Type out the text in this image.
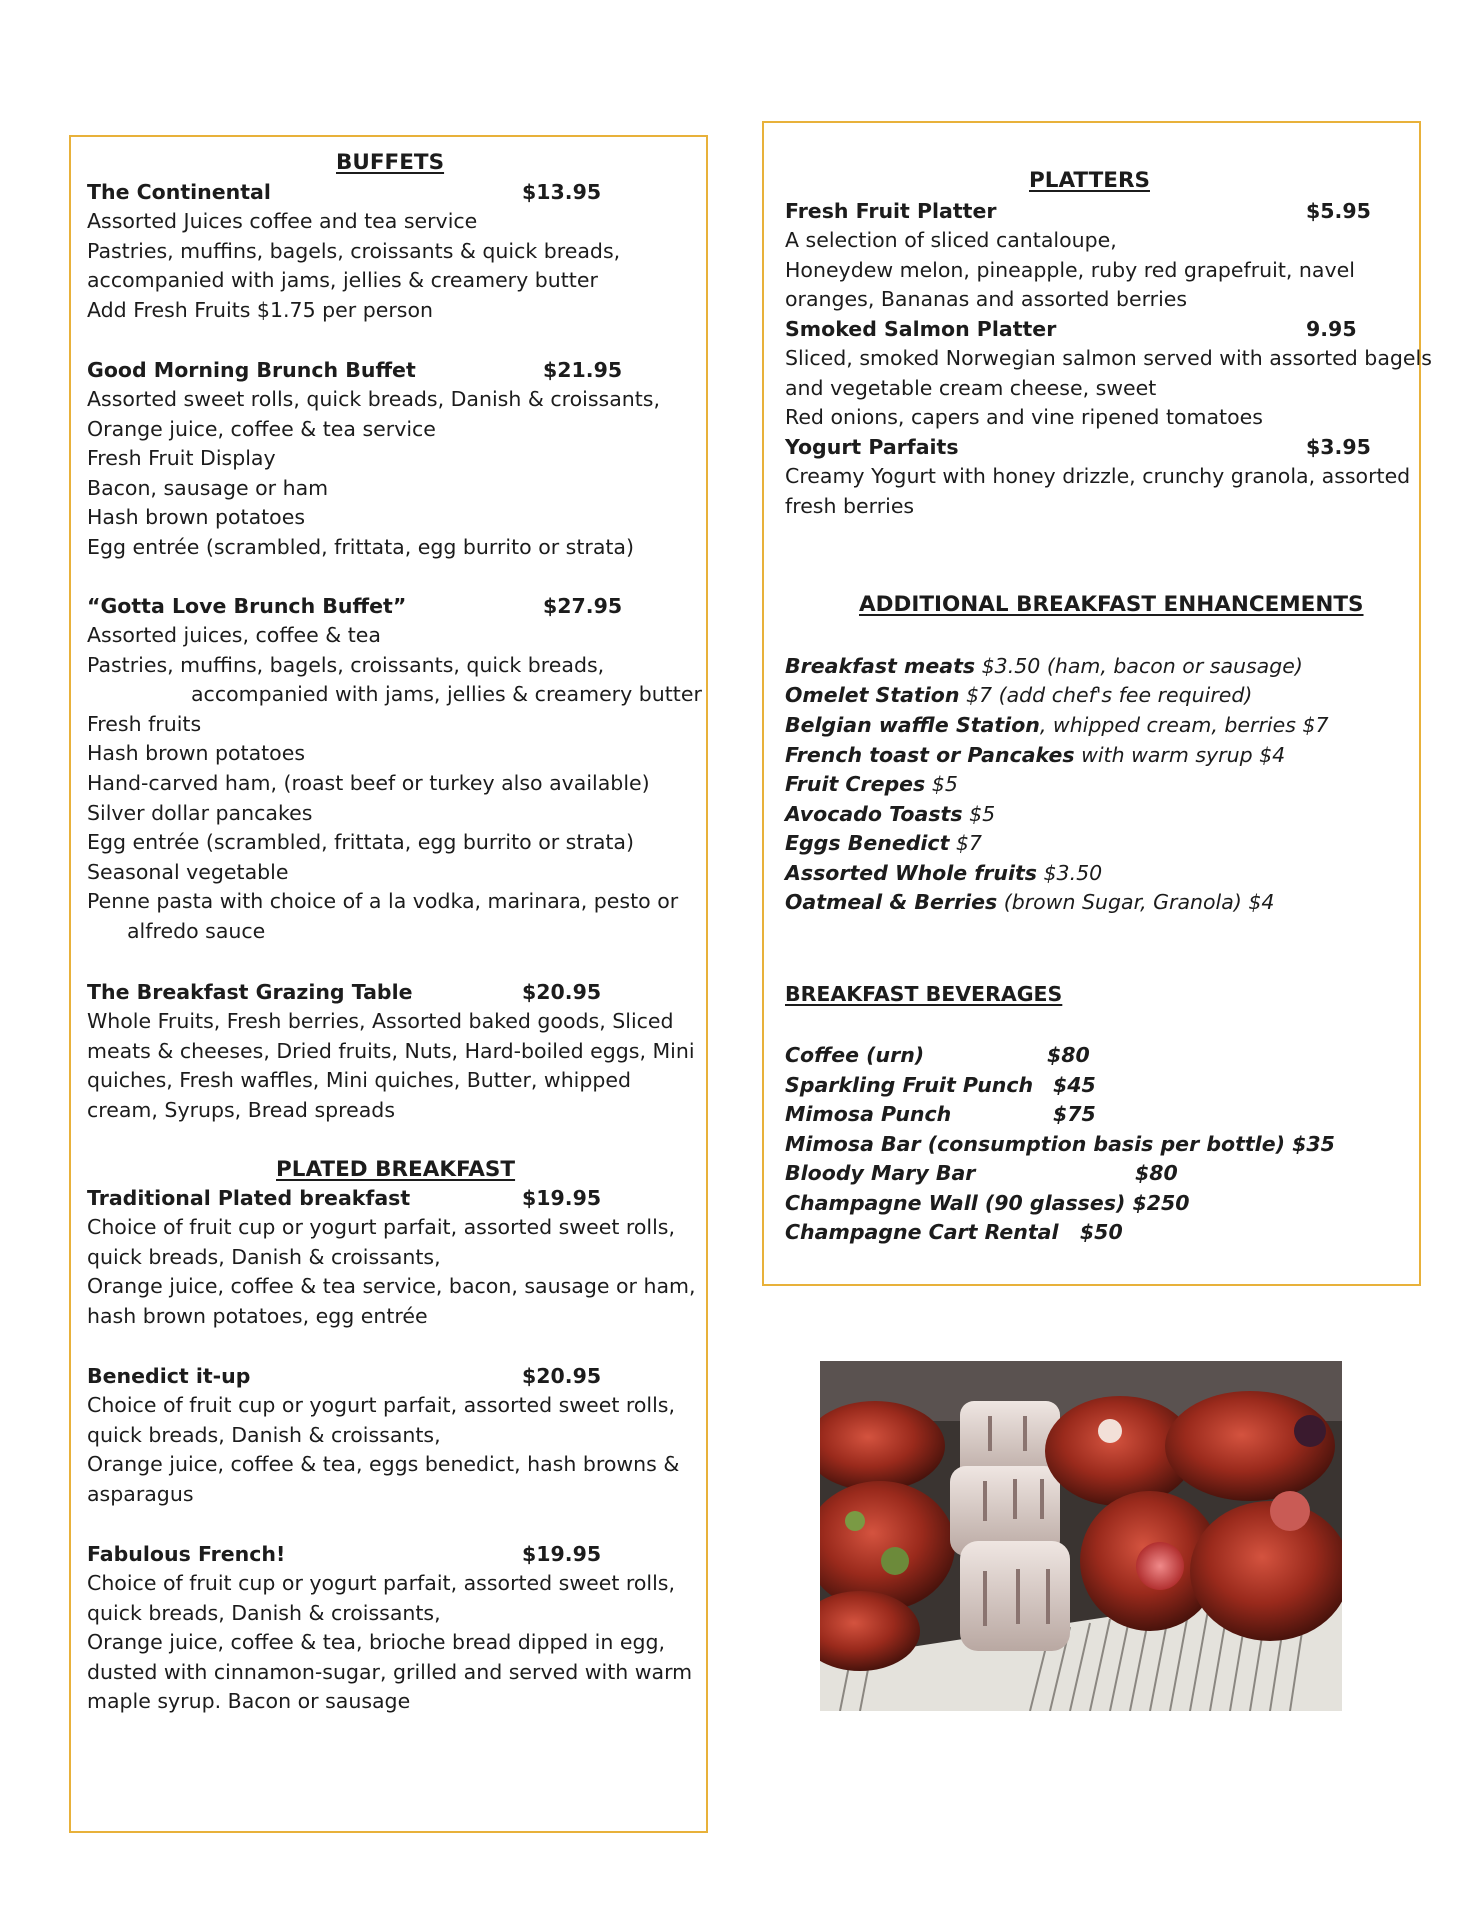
BUFFETS
The Continental	$13.95
Assorted Juices coffee and tea service
Pastries, muffins, bagels, croissants & quick breads,
accompanied with jams, jellies & creamery butter
Add Fresh Fruits $1.75 per person
Good Morning Brunch Buffet	$21.95
Assorted sweet rolls, quick breads, Danish & croissants,
Orange juice, coffee & tea service
Fresh Fruit Display
Bacon, sausage or ham
Hash brown potatoes
Egg entrée (scrambled, frittata, egg burrito or strata)
“Gotta Love Brunch Buffet”	$27.95
Assorted juices, coffee & tea
Pastries, muffins, bagels, croissants, quick breads,
accompanied with jams, jellies & creamery butter
Fresh fruits
Hash brown potatoes
Hand-carved ham, (roast beef or turkey also available)
Silver dollar pancakes
Egg entrée (scrambled, frittata, egg burrito or strata)
Seasonal vegetable
Penne pasta with choice of a la vodka, marinara, pesto or
alfredo sauce
The Breakfast Grazing Table	$20.95
Whole Fruits, Fresh berries, Assorted baked goods, Sliced
meats & cheeses, Dried fruits, Nuts, Hard-boiled eggs, Mini
quiches, Fresh waffles, Mini quiches, Butter, whipped
cream, Syrups, Bread spreads
PLATED BREAKFAST
Traditional Plated breakfast	$19.95
Choice of fruit cup or yogurt parfait, assorted sweet rolls,
quick breads, Danish & croissants,
Orange juice, coffee & tea service, bacon, sausage or ham,
hash brown potatoes, egg entrée
Benedict it-up	$20.95
Choice of fruit cup or yogurt parfait, assorted sweet rolls,
quick breads, Danish & croissants,
Orange juice, coffee & tea, eggs benedict, hash browns &
asparagus
Fabulous French!	$19.95
Choice of fruit cup or yogurt parfait, assorted sweet rolls,
quick breads, Danish & croissants,
Orange juice, coffee & tea, brioche bread dipped in egg,
dusted with cinnamon-sugar, grilled and served with warm
maple syrup. Bacon or sausage
PLATTERS
Fresh Fruit Platter	$5.95
A selection of sliced cantaloupe,
Honeydew melon, pineapple, ruby red grapefruit, navel
oranges, Bananas and assorted berries
Smoked Salmon Platter	9.95
Sliced, smoked Norwegian salmon served with assorted bagels
and vegetable cream cheese, sweet
Red onions, capers and vine ripened tomatoes
Yogurt Parfaits	$3.95
Creamy Yogurt with honey drizzle, crunchy granola, assorted
fresh berries
ADDITIONAL BREAKFAST ENHANCEMENTS
Breakfast meats $3.50 (ham, bacon or sausage)
Omelet Station $7 (add chef's fee required)
Belgian waffle Station, whipped cream, berries $7
French toast or Pancakes with warm syrup $4
Fruit Crepes $5
Avocado Toasts $5
Eggs Benedict $7
Assorted Whole fruits $3.50
Oatmeal & Berries (brown Sugar, Granola) $4
BREAKFAST BEVERAGES
Coffee (urn)	$80
Sparkling Fruit Punch $45
Mimosa Punch	$75
Mimosa Bar (consumption basis per bottle) $35
Bloody Mary Bar	$80
Champagne Wall (90 glasses) $250
Champagne Cart Rental $50
